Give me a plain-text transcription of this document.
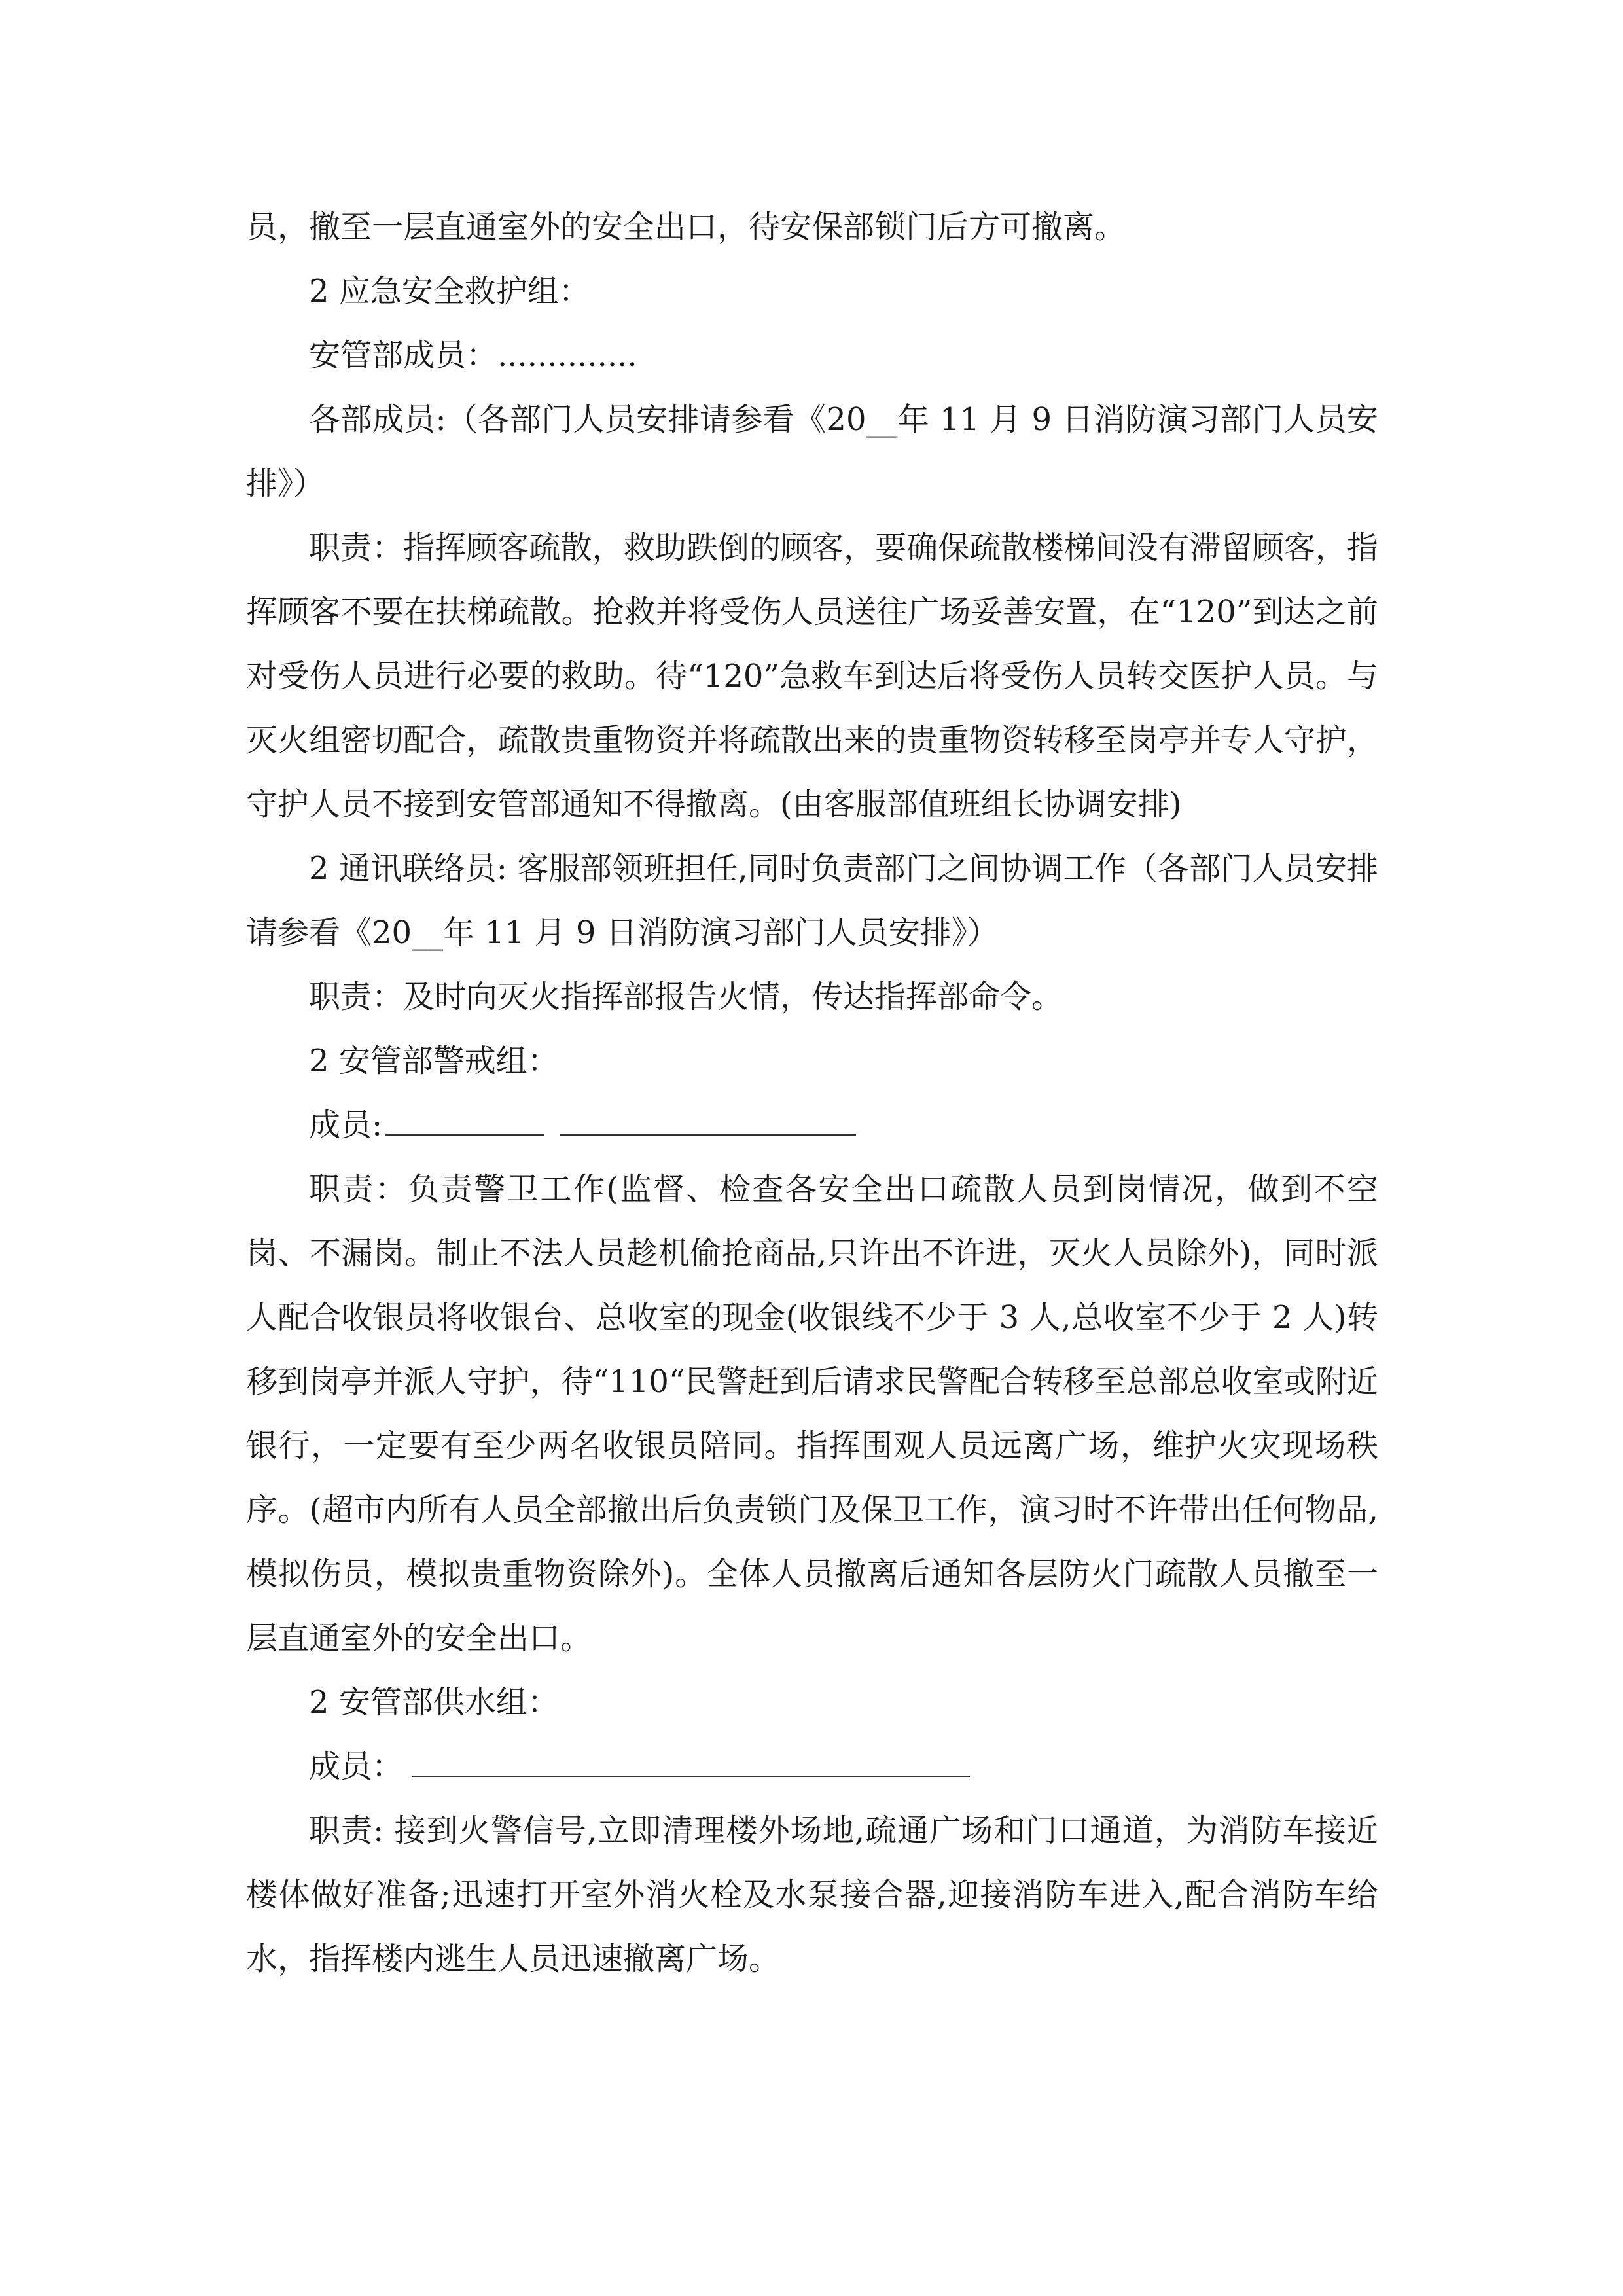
员，撤至一层直通室外的安全出口，待安保部锁门后方可撤离。

2 应急安全救护组：

安管部成员：..............

各部成员:（各部门人员安排请参看《20__年 11 月 9 日消防演习部门人员安排》）

职责：指挥顾客疏散，救助跌倒的顾客，要确保疏散楼梯间没有滞留顾客，指挥顾客不要在扶梯疏散。抢救并将受伤人员送往广场妥善安置，在“120”到达之前对受伤人员进行必要的救助。待“120”急救车到达后将受伤人员转交医护人员。与灭火组密切配合，疏散贵重物资并将疏散出来的贵重物资转移至岗亭并专人守护，守护人员不接到安管部通知不得撤离。(由客服部值班组长协调安排)

2 通讯联络员: 客服部领班担任,同时负责部门之间协调工作（各部门人员安排请参看《20__年 11 月 9 日消防演习部门人员安排》）

职责：及时向灭火指挥部报告火情，传达指挥部命令。

2 安管部警戒组：

成员:

职责：负责警卫工作(监督、检查各安全出口疏散人员到岗情况，做到不空岗、不漏岗。制止不法人员趁机偷抢商品,只许出不许进，灭火人员除外)，同时派人配合收银员将收银台、总收室的现金(收银线不少于 3 人,总收室不少于 2 人)转移到岗亭并派人守护，待“110“民警赶到后请求民警配合转移至总部总收室或附近银行，一定要有至少两名收银员陪同。指挥围观人员远离广场，维护火灾现场秩序。(超市内所有人员全部撤出后负责锁门及保卫工作，演习时不许带出任何物品,模拟伤员，模拟贵重物资除外)。全体人员撤离后通知各层防火门疏散人员撤至一层直通室外的安全出口。

2 安管部供水组：

成员：

职责: 接到火警信号,立即清理楼外场地,疏通广场和门口通道，为消防车接近楼体做好准备;迅速打开室外消火栓及水泵接合器,迎接消防车进入,配合消防车给水，指挥楼内逃生人员迅速撤离广场。
